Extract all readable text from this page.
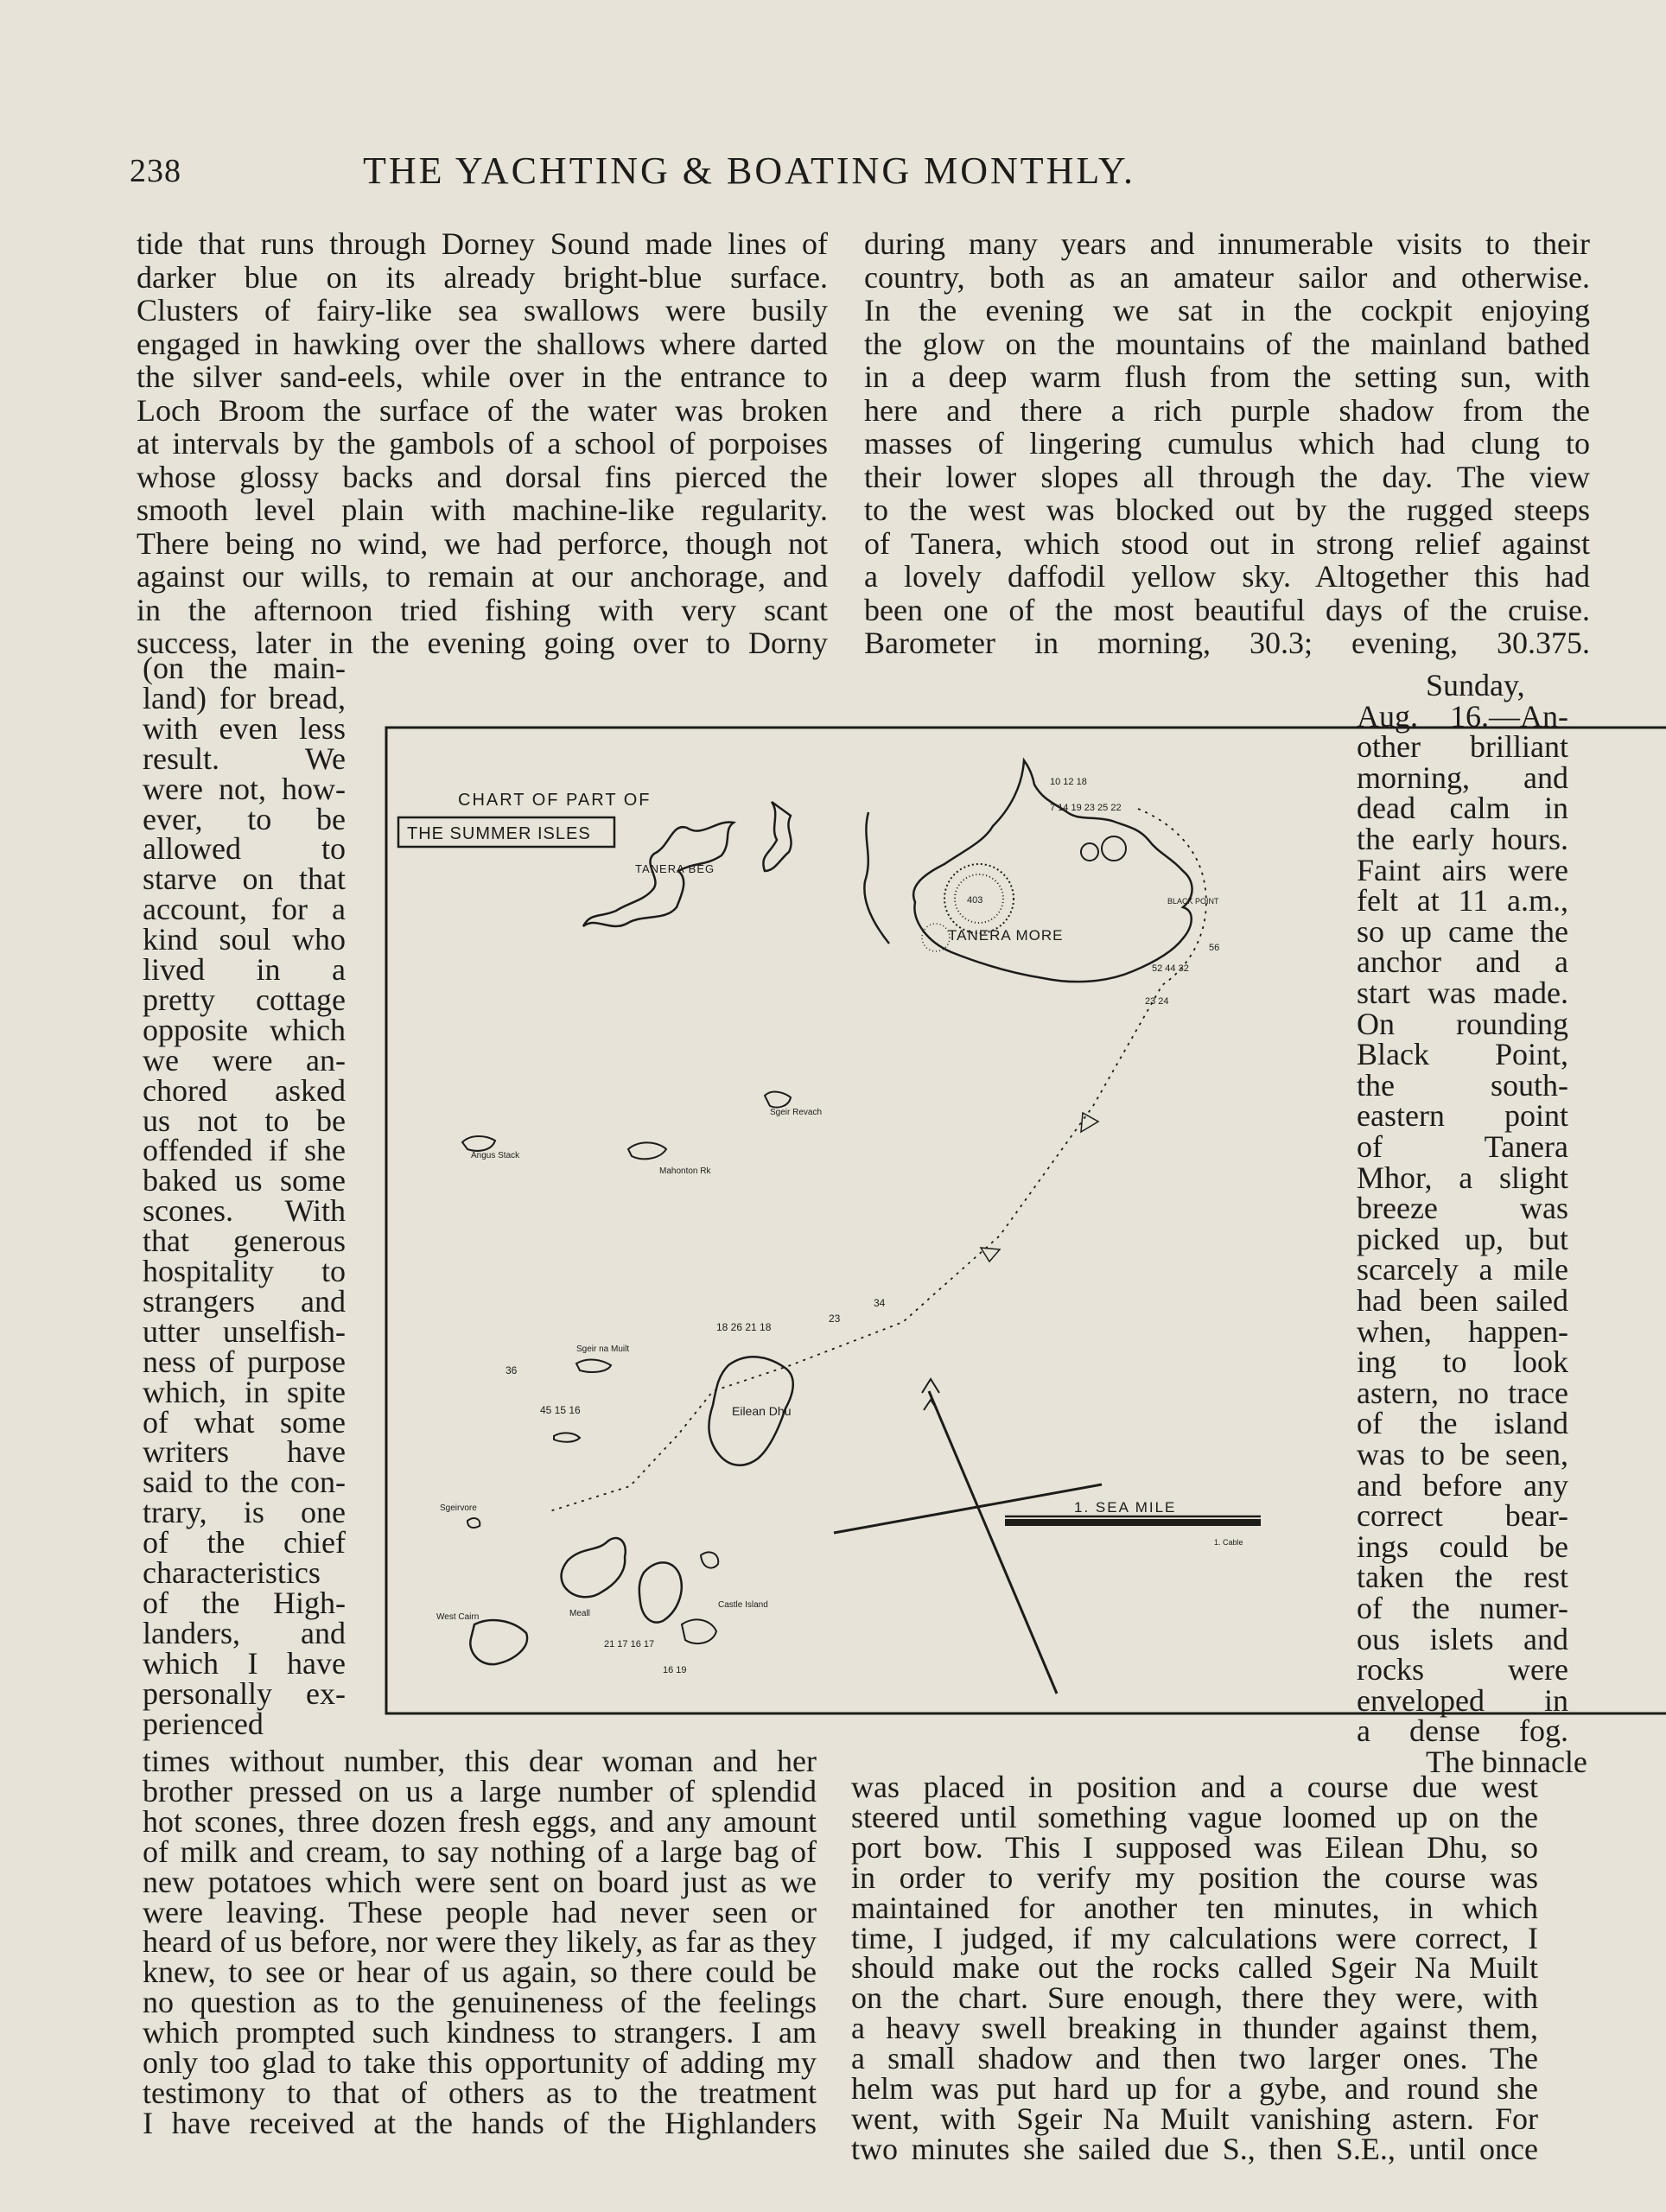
238	THE YACHTING & BOATING MONTHLY.
tide that runs through Dorney Sound made lines of
darker blue on its already bright-blue surface.
Clusters of fairy-like sea swallows were busily
engaged in hawking over the shallows where darted
the silver sand-eels, while over in the entrance to
Loch Broom the surface of the water was broken
at intervals by the gambols of a school of porpoises
whose glossy backs and dorsal fins pierced the
smooth level plain with machine-like regularity.
There being no wind, we had perforce, though not
against our wills, to remain at our anchorage, and
in the afternoon tried fishing with very scant
success, later in the evening going over to Dorny
(on the main-
land) for bread,
with even less
result. We
were not, how-
ever, to be
allowed to
starve on that
account, for a
kind soul who
lived in a
pretty cottage
opposite which
we were an-
chored asked
us not to be
offended if she
baked us some
scones. With
that generous
hospitality to
strangers and
utter unselfish-
ness of purpose
which, in spite
of what some
writers have
said to the con-
trary, is one
of the chief
characteristics
of the High-
landers, and
which I have
personally ex-
perienced
times without number, this dear woman and her
brother pressed on us a large number of splendid
hot scones, three dozen fresh eggs, and any amount
of milk and cream, to say nothing of a large bag of
new potatoes which were sent on board just as we
were leaving. These people had never seen or
heard of us before, nor were they likely, as far as they
knew, to see or hear of us again, so there could be
no question as to the genuineness of the feelings
which prompted such kindness to strangers. I am
only too glad to take this opportunity of adding my
testimony to that of others as to the treatment
I have received at the hands of the Highlanders
during many years and innumerable visits to their
country, both as an amateur sailor and otherwise.
In the evening we sat in the cockpit enjoying
the glow on the mountains of the mainland bathed
in a deep warm flush from the setting sun, with
here and there a rich purple shadow from the
masses of lingering cumulus which had clung to
their lower slopes all through the day. The view
to the west was blocked out by the rugged steeps
of Tanera, which stood out in strong relief against
a lovely daffodil yellow sky. Altogether this had
been one of the most beautiful days of the cruise.
Barometer in morning, 30.3; evening, 30.375.
Sunday,
Aug. 16.—An-
other brilliant
morning, and
dead calm in
the early hours.
Faint airs were
felt at 11 a.m.,
so up came the
anchor and a
start was made.
On rounding
Black Point,
the south-
eastern point
of Tanera
Mhor, a slight
breeze was
picked up, but
scarcely a mile
had been sailed
when, happen-
ing to look
astern, no trace
of the island
was to be seen,
and before any
correct bear-
ings could be
taken the rest
of the numer-
ous islets and
rocks were
enveloped in
a dense fog.
The binnacle
was placed in position and a course due west
steered until something vague loomed up on the
port bow. This I supposed was Eilean Dhu, so
in order to verify my position the course was
maintained for another ten minutes, in which
time, I judged, if my calculations were correct, I
should make out the rocks called Sgeir Na Muilt
on the chart. Sure enough, there they were, with
a heavy swell breaking in thunder against them,
a small shadow and then two larger ones. The
helm was put hard up for a gybe, and round she
went, with Sgeir Na Muilt vanishing astern. For
two minutes she sailed due S., then S.E., until once
CHART OF PART OF
THE SUMMER ISLES
TANERA BEG
403
TANERA MORE
BLACK POINT
10 12 18
7 14 19 23 25 22
56
52 44 32
23 24
Sgeir Revach
Angus Stack
Mahonton Rk
34
18 26 21 18
23
Eilean Dhu
Sgeir na Muilt
36
45 15 16
Sgeirvore
Meall
Castle Island
West Cairn
21 17 16 17
16 19
1. SEA MILE
1. Cable
